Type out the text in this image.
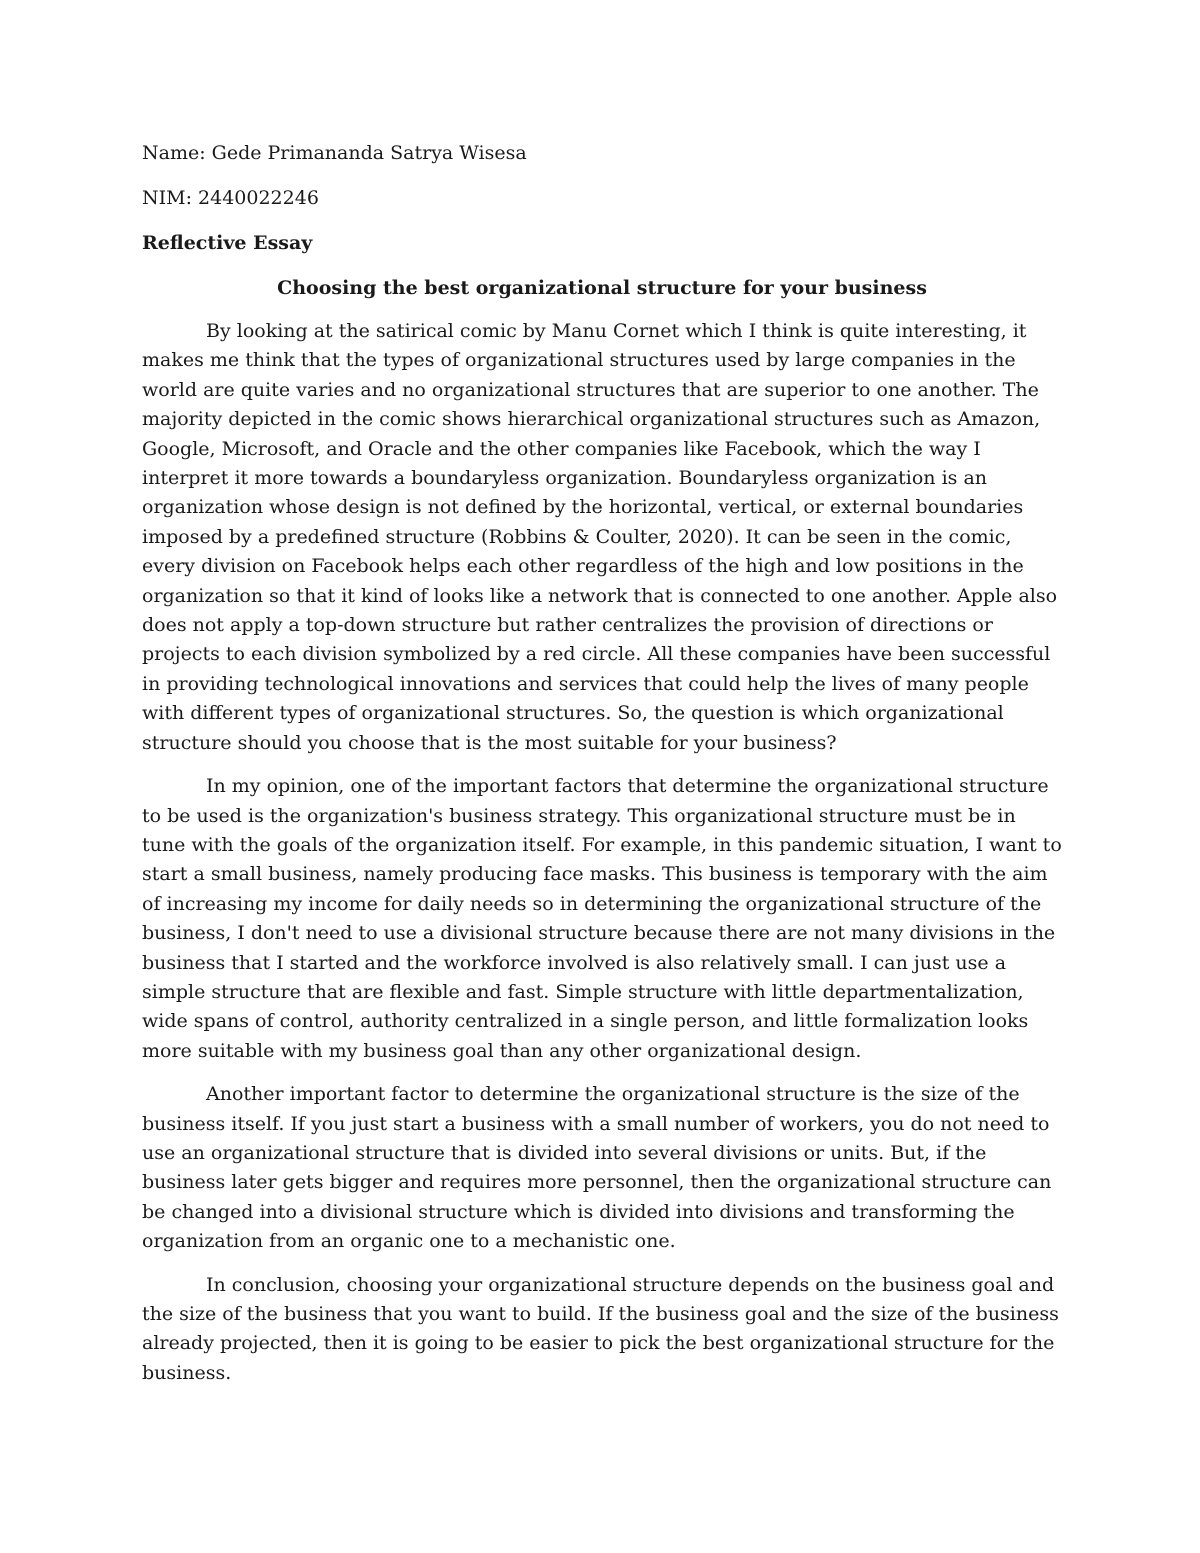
Name: Gede Primananda Satrya Wisesa

NIM: 2440022246

Reflective Essay

Choosing the best organizational structure for your business

By looking at the satirical comic by Manu Cornet which I think is quite interesting, it makes me think that the types of organizational structures used by large companies in the world are quite varies and no organizational structures that are superior to one another. The majority depicted in the comic shows hierarchical organizational structures such as Amazon, Google, Microsoft, and Oracle and the other companies like Facebook, which the way I interpret it more towards a boundaryless organization. Boundaryless organization is an organization whose design is not defined by the horizontal, vertical, or external boundaries imposed by a predefined structure (Robbins & Coulter, 2020). It can be seen in the comic, every division on Facebook helps each other regardless of the high and low positions in the organization so that it kind of looks like a network that is connected to one another. Apple also does not apply a top-down structure but rather centralizes the provision of directions or projects to each division symbolized by a red circle. All these companies have been successful in providing technological innovations and services that could help the lives of many people with different types of organizational structures. So, the question is which organizational structure should you choose that is the most suitable for your business?

In my opinion, one of the important factors that determine the organizational structure to be used is the organization's business strategy. This organizational structure must be in tune with the goals of the organization itself. For example, in this pandemic situation, I want to start a small business, namely producing face masks. This business is temporary with the aim of increasing my income for daily needs so in determining the organizational structure of the business, I don't need to use a divisional structure because there are not many divisions in the business that I started and the workforce involved is also relatively small. I can just use a simple structure that are flexible and fast. Simple structure with little departmentalization, wide spans of control, authority centralized in a single person, and little formalization looks more suitable with my business goal than any other organizational design.

Another important factor to determine the organizational structure is the size of the business itself. If you just start a business with a small number of workers, you do not need to use an organizational structure that is divided into several divisions or units. But, if the business later gets bigger and requires more personnel, then the organizational structure can be changed into a divisional structure which is divided into divisions and transforming the organization from an organic one to a mechanistic one.

In conclusion, choosing your organizational structure depends on the business goal and the size of the business that you want to build. If the business goal and the size of the business already projected, then it is going to be easier to pick the best organizational structure for the business.
